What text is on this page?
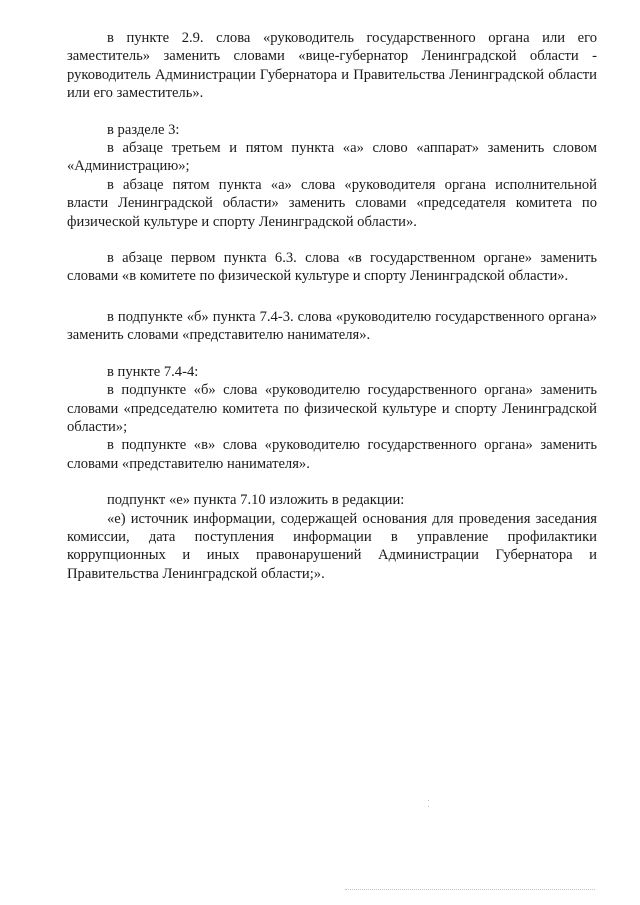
в пункте 2.9. слова «руководитель государственного органа или его заместитель» заменить словами «вице-губернатор Ленинградской области - руководитель Администрации Губернатора и Правительства Ленинградской области или его заместитель».

в разделе 3:

в абзаце третьем и пятом пункта «а» слово «аппарат» заменить словом «Администрацию»;

в абзаце пятом пункта «а» слова «руководителя органа исполнительной власти Ленинградской области» заменить словами «председателя комитета по физической культуре и спорту Ленинградской области».

в абзаце первом пункта 6.3. слова «в государственном органе» заменить словами «в комитете по физической культуре и спорту Ленинградской области».

в подпункте «б» пункта 7.4-3. слова «руководителю государственного органа» заменить словами «представителю нанимателя».

в пункте 7.4-4:

в подпункте «б» слова «руководителю государственного органа» заменить словами «председателю комитета по физической культуре и спорту Ленинградской области»;

в подпункте «в» слова «руководителю государственного органа» заменить словами «представителю нанимателя».

подпункт «е» пункта 7.10 изложить в редакции:

«е) источник информации, содержащей основания для проведения заседания комиссии, дата поступления информации в управление профилактики коррупционных и иных правонарушений Администрации Губернатора и Правительства Ленинградской области;».
